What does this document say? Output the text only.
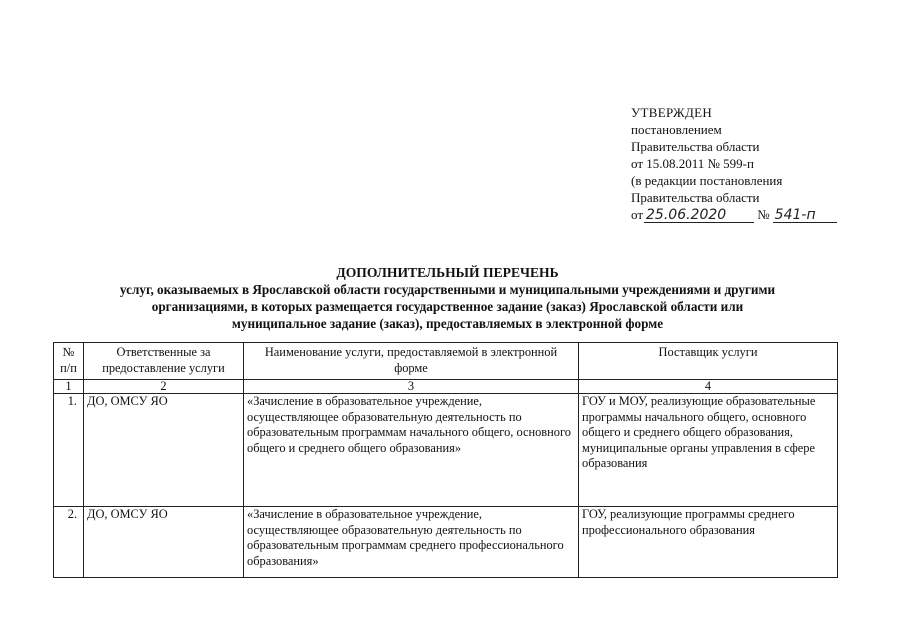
УТВЕРЖДЕН
постановлением
Правительства области
от 15.08.2011 № 599-п
(в редакции постановления
Правительства области
от 25.06.2020 № 541-п
ДОПОЛНИТЕЛЬНЫЙ ПЕРЕЧЕНЬ
услуг, оказываемых в Ярославской области государственными и муниципальными учреждениями и другими
организациями, в которых размещается государственное задание (заказ) Ярославской области или
муниципальное задание (заказ), предоставляемых в электронной форме
№ п/п	Ответственные за предоставление услуги	Наименование услуги, предоставляемой в электронной форме	Поставщик услуги
1	2	3	4
1.	ДО, ОМСУ ЯО	«Зачисление в образовательное учреждение, осуществляющее образовательную деятельность по образовательным программам начального общего, основного общего и среднего общего образования»	ГОУ и МОУ, реализующие образовательные программы начального общего, основного общего и среднего общего образования, муниципальные органы управления в сфере образования
2.	ДО, ОМСУ ЯО	«Зачисление в образовательное учреждение, осуществляющее образовательную деятельность по образовательным программам среднего профессионального образования»	ГОУ, реализующие программы среднего профессионального образования
